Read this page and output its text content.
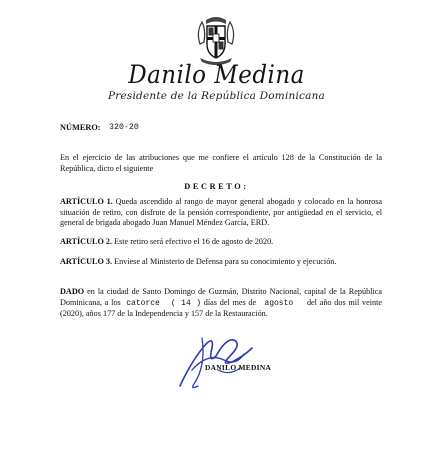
Danilo Medina
Presidente de la República Dominicana
NÚMERO: 320-20
En el ejercicio de las atribuciones que me confiere el artículo 128 de la Constitución de la República, dicto el siguiente
DECRETO:
ARTÍCULO 1. Queda ascendido al rango de mayor general abogado y colocado en la honrosa situación de retiro, con disfrute de la pensión correspondiente, por antigüedad en el servicio, el general de brigada abogado Juan Manuel Méndez García, ERD.
ARTÍCULO 2. Este retiro será efectivo el 16 de agosto de 2020.
ARTÍCULO 3. Envíese al Ministerio de Defensa para su conocimiento y ejecución.
DADO en la ciudad de Santo Domingo de Guzmán, Distrito Nacional, capital de la República Dominicana, a los catorce ( 14 ) días del mes de agosto del año dos mil veinte (2020), años 177 de la Independencia y 157 de la Restauración.
DANILO MEDINA
